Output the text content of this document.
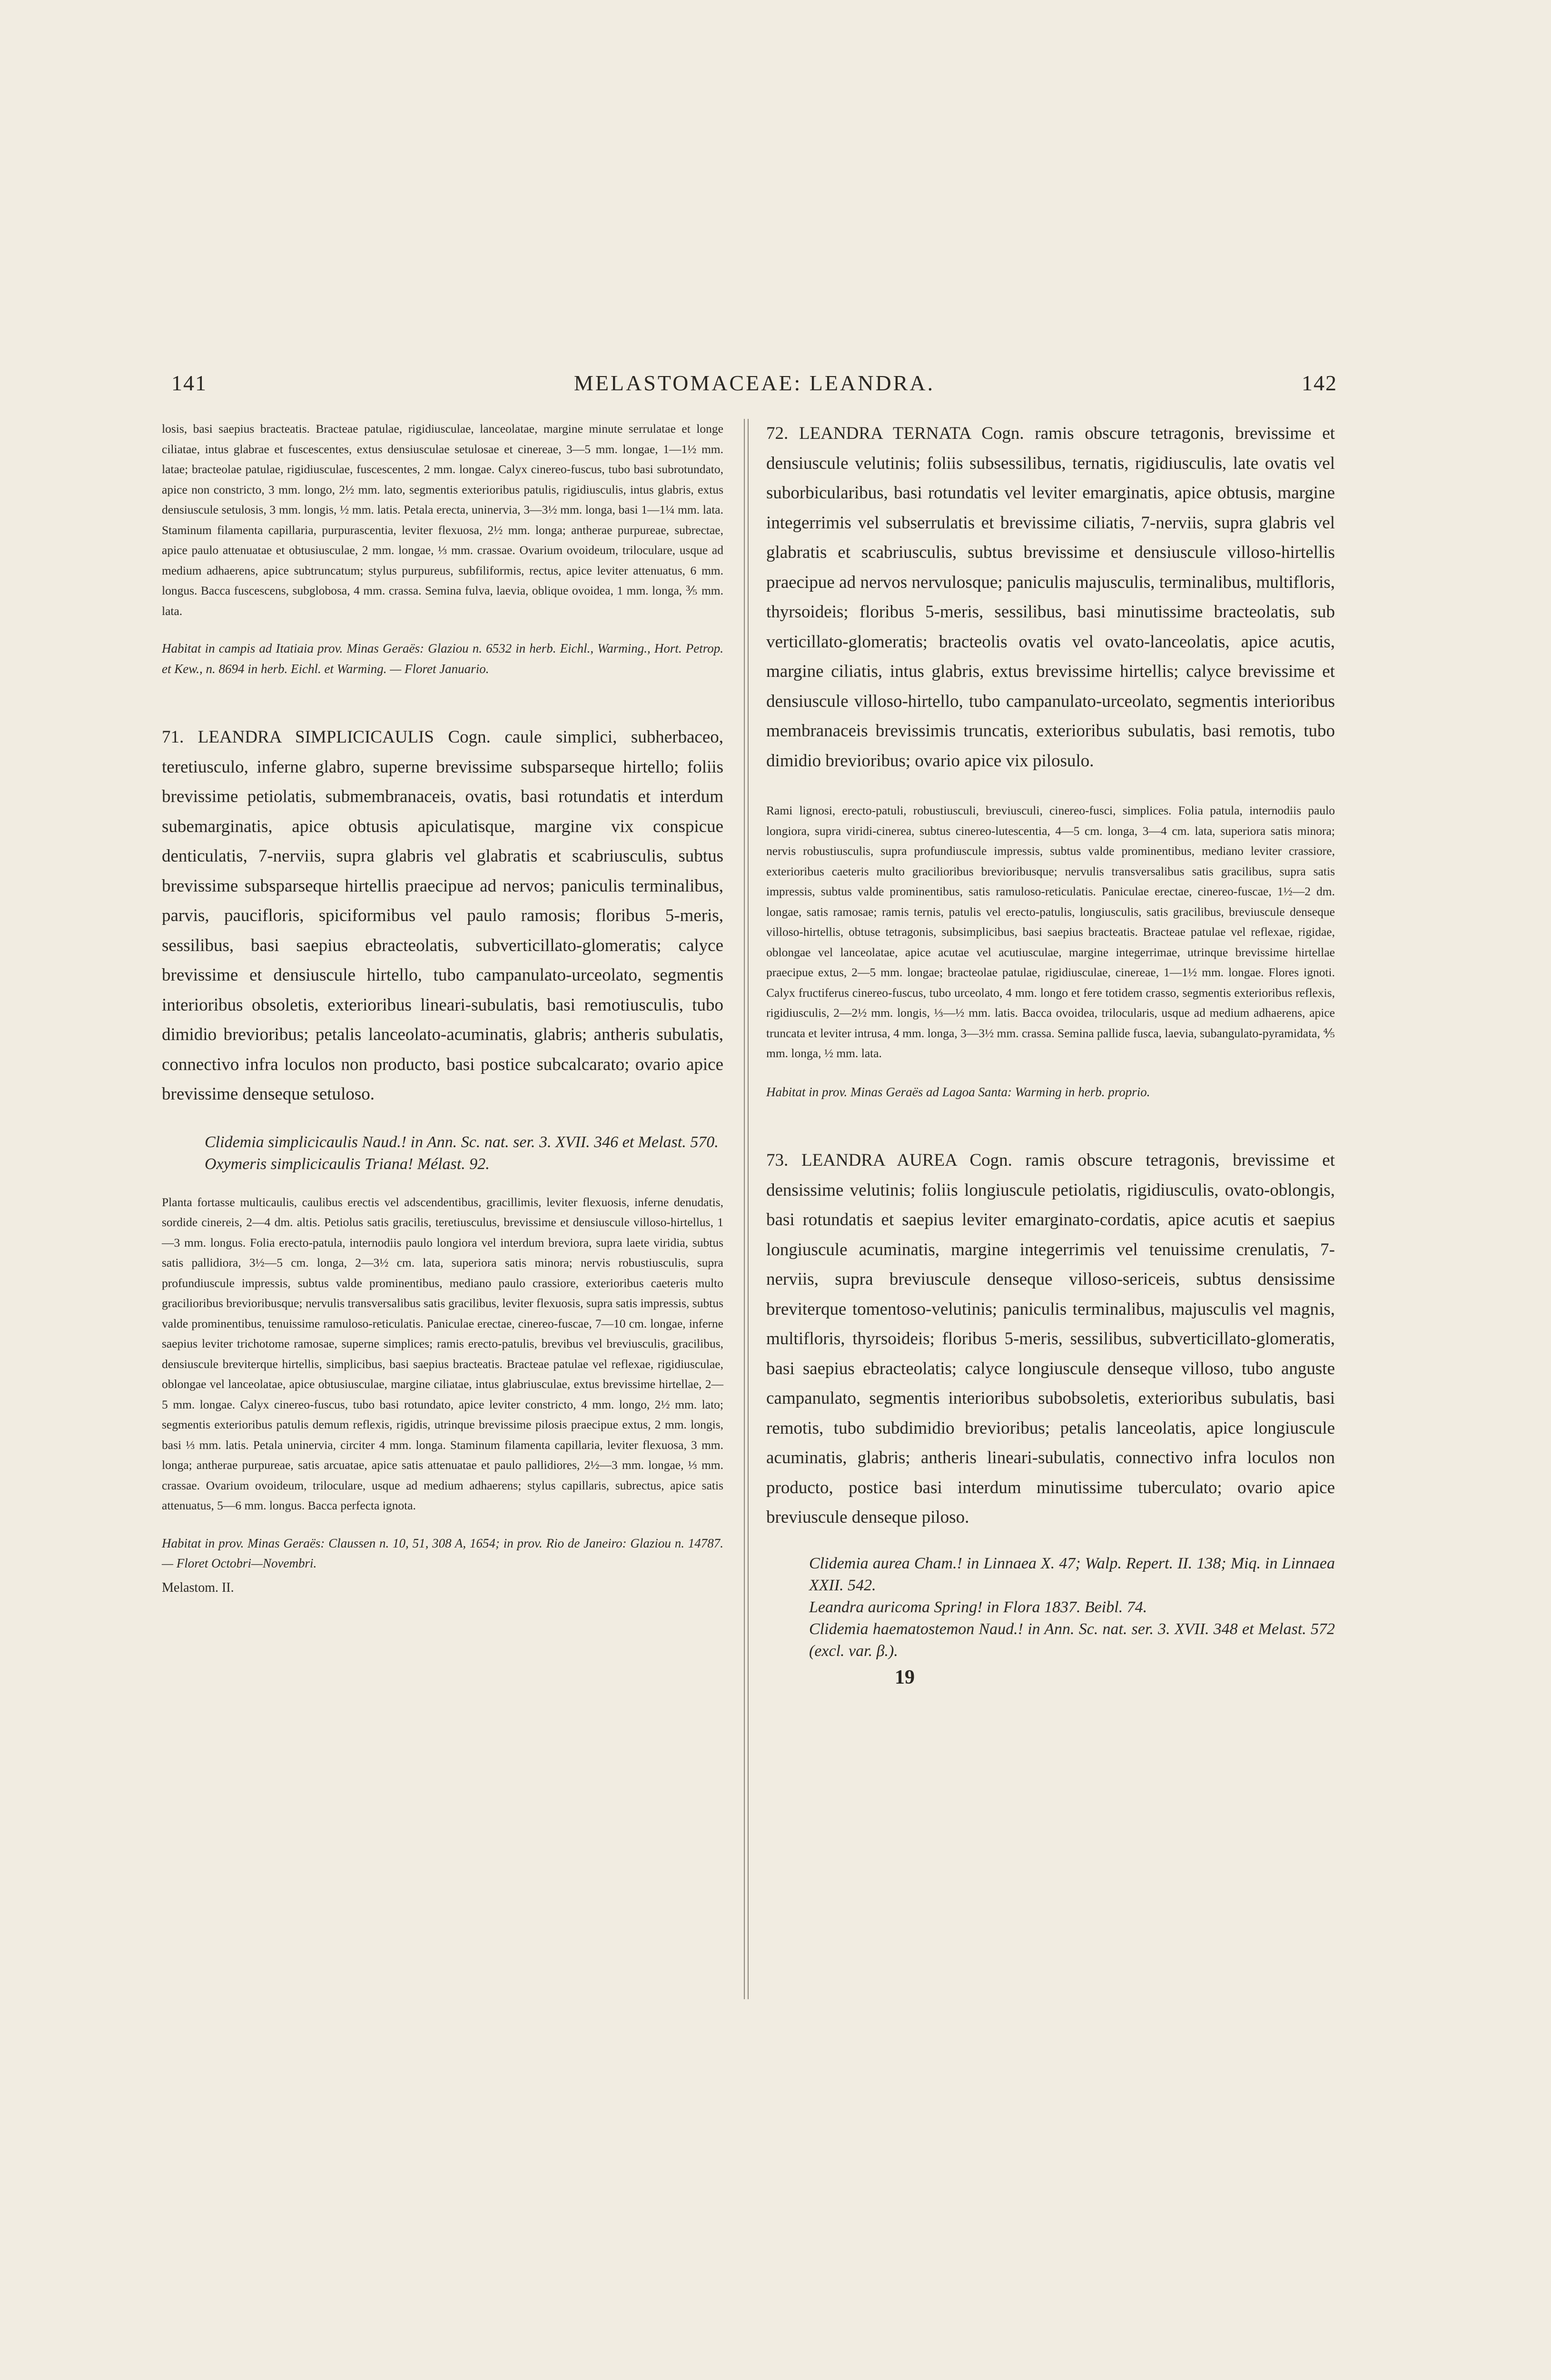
141	MELASTOMACEAE: LEANDRA.	142

losis, basi saepius bracteatis. Bracteae patulae, rigidiusculae, lanceolatae, margine minute serrulatae et longe ciliatae, intus glabrae et fuscescentes, extus densiusculae setulosae et cinereae, 3—5 mm. longae, 1—1½ mm. latae; bracteolae patulae, rigidiusculae, fuscescentes, 2 mm. longae. Calyx cinereo-fuscus, tubo basi subrotundato, apice non constricto, 3 mm. longo, 2½ mm. lato, segmentis exterioribus patulis, rigidiusculis, intus glabris, extus densiuscule setulosis, 3 mm. longis, ½ mm. latis. Petala erecta, uninervia, 3—3½ mm. longa, basi 1—1¼ mm. lata. Staminum filamenta capillaria, purpurascentia, leviter flexuosa, 2½ mm. longa; antherae purpureae, subrectae, apice paulo attenuatae et obtusiusculae, 2 mm. longae, ⅓ mm. crassae. Ovarium ovoideum, triloculare, usque ad medium adhaerens, apice subtruncatum; stylus purpureus, subfiliformis, rectus, apice leviter attenuatus, 6 mm. longus. Bacca fuscescens, subglobosa, 4 mm. crassa. Semina fulva, laevia, oblique ovoidea, 1 mm. longa, ⅗ mm. lata.

Habitat in campis ad Itatiaia prov. Minas Geraës: Glaziou n. 6532 in herb. Eichl., Warming., Hort. Petrop. et Kew., n. 8694 in herb. Eichl. et Warming. — Floret Januario.

71. LEANDRA SIMPLICICAULIS Cogn. caule simplici, subherbaceo, teretiusculo, inferne glabro, superne brevissime subsparseque hirtello; foliis brevissime petiolatis, submembranaceis, ovatis, basi rotundatis et interdum subemarginatis, apice obtusis apiculatisque, margine vix conspicue denticulatis, 7-nerviis, supra glabris vel glabratis et scabriusculis, subtus brevissime subsparseque hirtellis praecipue ad nervos; paniculis terminalibus, parvis, paucifloris, spiciformibus vel paulo ramosis; floribus 5-meris, sessilibus, basi saepius ebracteolatis, subverticillato-glomeratis; calyce brevissime et densiuscule hirtello, tubo campanulato-urceolato, segmentis interioribus obsoletis, exterioribus lineari-subulatis, basi remotiusculis, tubo dimidio brevioribus; petalis lanceolato-acuminatis, glabris; antheris subulatis, connectivo infra loculos non producto, basi postice subcalcarato; ovario apice brevissime denseque setuloso.

Clidemia simplicicaulis Naud.! in Ann. Sc. nat. ser. 3. XVII. 346 et Melast. 570.

Oxymeris simplicicaulis Triana! Mélast. 92.

Planta fortasse multicaulis, caulibus erectis vel adscendentibus, gracillimis, leviter flexuosis, inferne denudatis, sordide cinereis, 2—4 dm. altis. Petiolus satis gracilis, teretiusculus, brevissime et densiuscule villoso-hirtellus, 1—3 mm. longus. Folia erecto-patula, internodiis paulo longiora vel interdum breviora, supra laete viridia, subtus satis pallidiora, 3½—5 cm. longa, 2—3½ cm. lata, superiora satis minora; nervis robustiusculis, supra profundiuscule impressis, subtus valde prominentibus, mediano paulo crassiore, exterioribus caeteris multo gracilioribus brevioribusque; nervulis transversalibus satis gracilibus, leviter flexuosis, supra satis impressis, subtus valde prominentibus, tenuissime ramuloso-reticulatis. Paniculae erectae, cinereo-fuscae, 7—10 cm. longae, inferne saepius leviter trichotome ramosae, superne simplices; ramis erecto-patulis, brevibus vel breviusculis, gracilibus, densiuscule breviterque hirtellis, simplicibus, basi saepius bracteatis. Bracteae patulae vel reflexae, rigidiusculae, oblongae vel lanceolatae, apice obtusiusculae, margine ciliatae, intus glabriusculae, extus brevissime hirtellae, 2—5 mm. longae. Calyx cinereo-fuscus, tubo basi rotundato, apice leviter constricto, 4 mm. longo, 2½ mm. lato; segmentis exterioribus patulis demum reflexis, rigidis, utrinque brevissime pilosis praecipue extus, 2 mm. longis, basi ⅓ mm. latis. Petala uninervia, circiter 4 mm. longa. Staminum filamenta capillaria, leviter flexuosa, 3 mm. longa; antherae purpureae, satis arcuatae, apice satis attenuatae et paulo pallidiores, 2½—3 mm. longae, ⅓ mm. crassae. Ovarium ovoideum, triloculare, usque ad medium adhaerens; stylus capillaris, subrectus, apice satis attenuatus, 5—6 mm. longus. Bacca perfecta ignota.

Habitat in prov. Minas Geraës: Claussen n. 10, 51, 308 A, 1654; in prov. Rio de Janeiro: Glaziou n. 14787. — Floret Octobri—Novembri.

Melastom. II.

72. LEANDRA TERNATA Cogn. ramis obscure tetragonis, brevissime et densiuscule velutinis; foliis subsessilibus, ternatis, rigidiusculis, late ovatis vel suborbicularibus, basi rotundatis vel leviter emarginatis, apice obtusis, margine integerrimis vel subserrulatis et brevissime ciliatis, 7-nerviis, supra glabris vel glabratis et scabriusculis, subtus brevissime et densiuscule villoso-hirtellis praecipue ad nervos nervulosque; paniculis majusculis, terminalibus, multifloris, thyrsoideis; floribus 5-meris, sessilibus, basi minutissime bracteolatis, sub verticillato-glomeratis; bracteolis ovatis vel ovato-lanceolatis, apice acutis, margine ciliatis, intus glabris, extus brevissime hirtellis; calyce brevissime et densiuscule villoso-hirtello, tubo campanulato-urceolato, segmentis interioribus membranaceis brevissimis truncatis, exterioribus subulatis, basi remotis, tubo dimidio brevioribus; ovario apice vix pilosulo.

Rami lignosi, erecto-patuli, robustiusculi, breviusculi, cinereo-fusci, simplices. Folia patula, internodiis paulo longiora, supra viridi-cinerea, subtus cinereo-lutescentia, 4—5 cm. longa, 3—4 cm. lata, superiora satis minora; nervis robustiusculis, supra profundiuscule impressis, subtus valde prominentibus, mediano leviter crassiore, exterioribus caeteris multo gracilioribus brevioribusque; nervulis transversalibus satis gracilibus, supra satis impressis, subtus valde prominentibus, satis ramuloso-reticulatis. Paniculae erectae, cinereo-fuscae, 1½—2 dm. longae, satis ramosae; ramis ternis, patulis vel erecto-patulis, longiusculis, satis gracilibus, breviuscule denseque villoso-hirtellis, obtuse tetragonis, subsimplicibus, basi saepius bracteatis. Bracteae patulae vel reflexae, rigidae, oblongae vel lanceolatae, apice acutae vel acutiusculae, margine integerrimae, utrinque brevissime hirtellae praecipue extus, 2—5 mm. longae; bracteolae patulae, rigidiusculae, cinereae, 1—1½ mm. longae. Flores ignoti. Calyx fructiferus cinereo-fuscus, tubo urceolato, 4 mm. longo et fere totidem crasso, segmentis exterioribus reflexis, rigidiusculis, 2—2½ mm. longis, ⅓—½ mm. latis. Bacca ovoidea, trilocularis, usque ad medium adhaerens, apice truncata et leviter intrusa, 4 mm. longa, 3—3½ mm. crassa. Semina pallide fusca, laevia, subangulato-pyramidata, ⅘ mm. longa, ½ mm. lata.

Habitat in prov. Minas Geraës ad Lagoa Santa: Warming in herb. proprio.

73. LEANDRA AUREA Cogn. ramis obscure tetragonis, brevissime et densissime velutinis; foliis longiuscule petiolatis, rigidiusculis, ovato-oblongis, basi rotundatis et saepius leviter emarginato-cordatis, apice acutis et saepius longiuscule acuminatis, margine integerrimis vel tenuissime crenulatis, 7-nerviis, supra breviuscule denseque villoso-sericeis, subtus densissime breviterque tomentoso-velutinis; paniculis terminalibus, majusculis vel magnis, multifloris, thyrsoideis; floribus 5-meris, sessilibus, subverticillato-glomeratis, basi saepius ebracteolatis; calyce longiuscule denseque villoso, tubo anguste campanulato, segmentis interioribus subobsoletis, exterioribus subulatis, basi remotis, tubo subdimidio brevioribus; petalis lanceolatis, apice longiuscule acuminatis, glabris; antheris lineari-subulatis, connectivo infra loculos non producto, postice basi interdum minutissime tuberculato; ovario apice breviuscule denseque piloso.

Clidemia aurea Cham.! in Linnaea X. 47; Walp. Repert. II. 138; Miq. in Linnaea XXII. 542.

Leandra auricoma Spring! in Flora 1837. Beibl. 74.

Clidemia haematostemon Naud.! in Ann. Sc. nat. ser. 3. XVII. 348 et Melast. 572 (excl. var. β.).

19
